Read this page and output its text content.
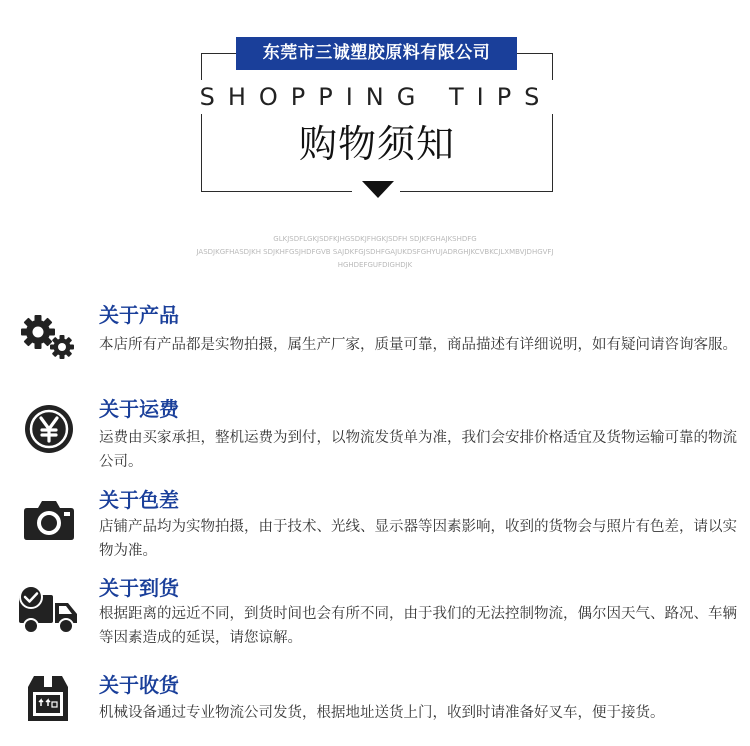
东莞市三诚塑胶原料有限公司
SHOPPING TIPS
购物须知
GLKJSDFLGKJSDFKJHGSDKJFHGKJSDFH SDJKFGHAJKSHDFG
JASDJKGFHASDJKH SDJKHFGSJHDFGVB SAJDKFGJSDHFGAJUKDSFGHYUJADRGHJKCVBKCJLXMBVJDHGVFJ
HGHDEFGUFDIGHDJK
关于产品
本店所有产品都是实物拍摄，属生产厂家，质量可靠，商品描述有详细说明，如有疑问请咨询客服。
关于运费
运费由买家承担，整机运费为到付，以物流发货单为准，我们会安排价格适宜及货物运输可靠的物流公司。
关于色差
店铺产品均为实物拍摄，由于技术、光线、显示器等因素影响，收到的货物会与照片有色差，请以实物为准。
关于到货
根据距离的远近不同，到货时间也会有所不同，由于我们的无法控制物流，偶尔因天气、路况、车辆等因素造成的延误，请您谅解。
关于收货
机械设备通过专业物流公司发货，根据地址送货上门，收到时请准备好叉车，便于接货。
